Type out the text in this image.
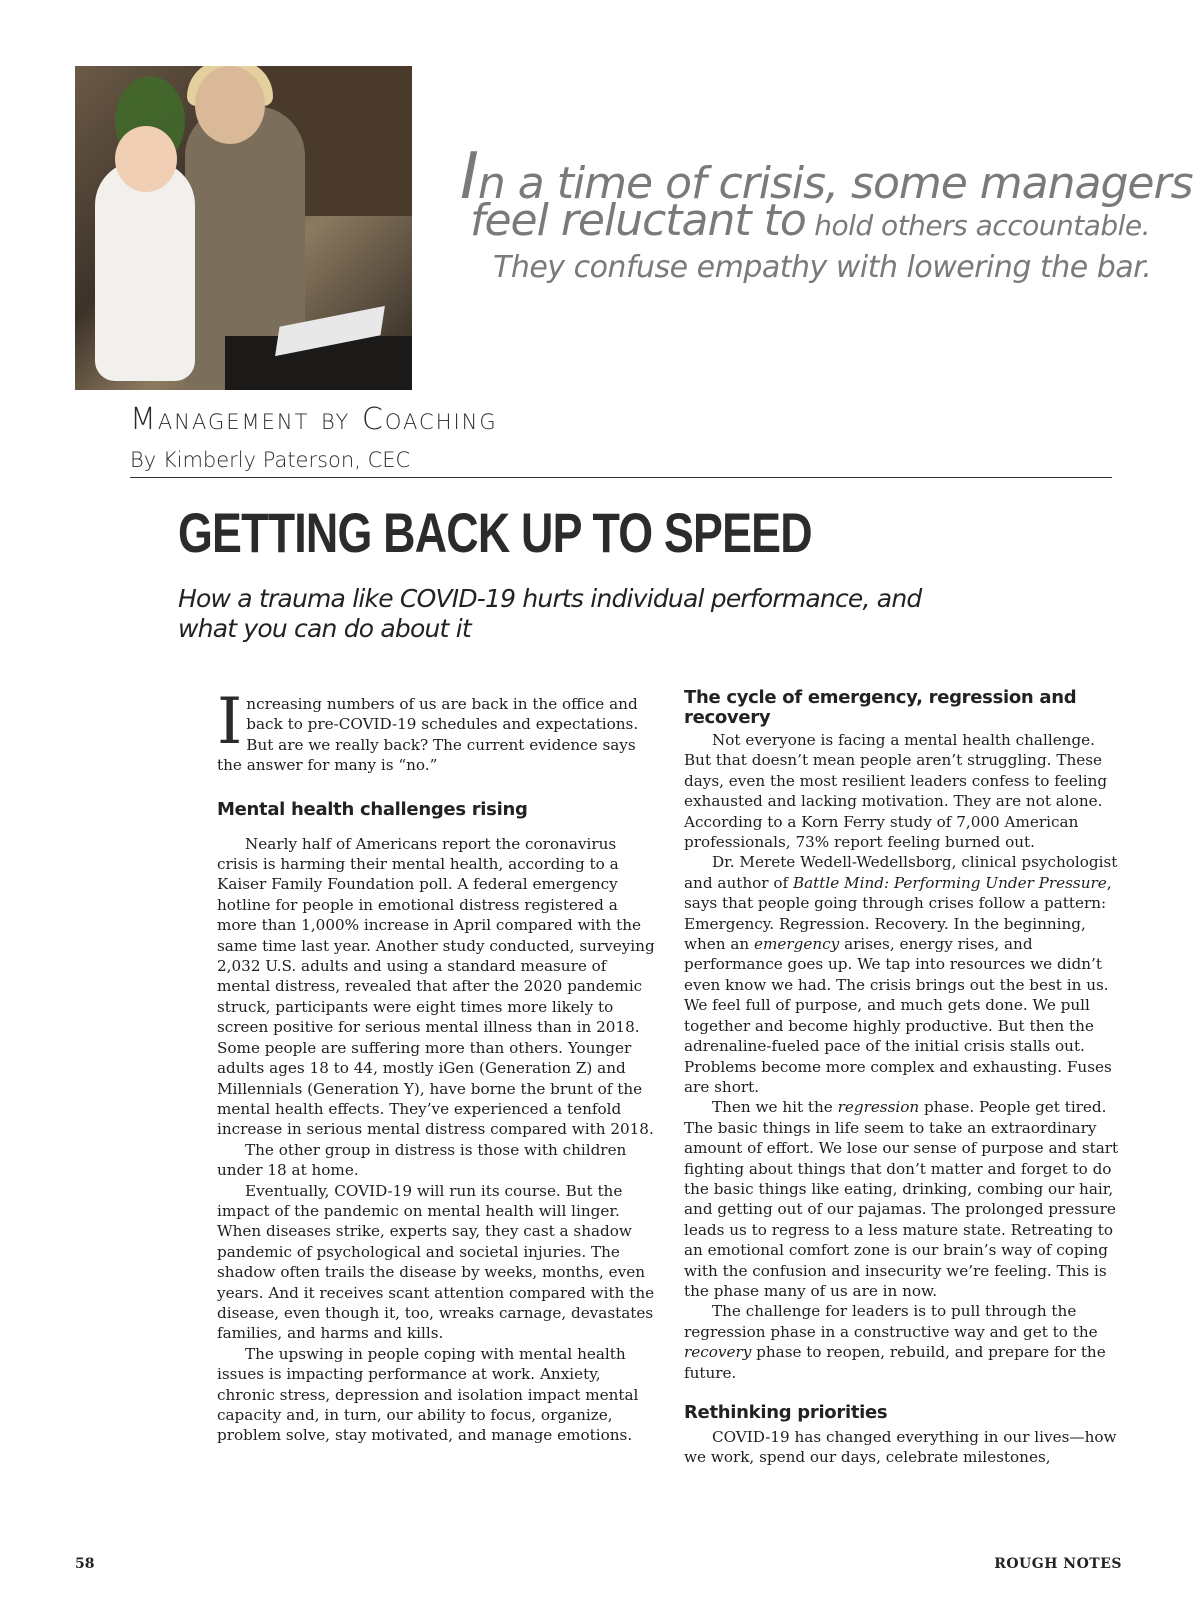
In a time of crisis, some managers
feel reluctant to hold others accountable.
They confuse empathy with lowering the bar.
Management by Coaching
By Kimberly Paterson, CEC
GETTING BACK UP TO SPEED
How a trauma like COVID-19 hurts individual performance, and what you can do about it

Increasing numbers of us are back in the office and back to pre-COVID-19 schedules and expectations. But are we really back? The current evidence says the answer for many is “no.”

Mental health challenges rising

Nearly half of Americans report the coronavirus crisis is harming their mental health, according to a Kaiser Family Foundation poll. A federal emergency hotline for people in emotional distress registered a more than 1,000% increase in April compared with the same time last year. Another study conducted, surveying 2,032 U.S. adults and using a standard measure of mental distress, revealed that after the 2020 pandemic struck, participants were eight times more likely to screen positive for serious mental illness than in 2018. Some people are suffering more than others. Younger adults ages 18 to 44, mostly iGen (Generation Z) and Millennials (Generation Y), have borne the brunt of the mental health effects. They’ve experienced a tenfold increase in serious mental distress compared with 2018.

The other group in distress is those with children under 18 at home.

Eventually, COVID-19 will run its course. But the impact of the pandemic on mental health will linger. When diseases strike, experts say, they cast a shadow pandemic of psychological and societal injuries. The shadow often trails the disease by weeks, months, even years. And it receives scant attention compared with the disease, even though it, too, wreaks carnage, devastates families, and harms and kills.

The upswing in people coping with mental health issues is impacting performance at work. Anxiety, chronic stress, depression and isolation impact mental capacity and, in turn, our ability to focus, organize, problem solve, stay motivated, and manage emotions.

The cycle of emergency, regression and recovery

Not everyone is facing a mental health challenge. But that doesn’t mean people aren’t struggling. These days, even the most resilient leaders confess to feeling exhausted and lacking motivation. They are not alone. According to a Korn Ferry study of 7,000 American professionals, 73% report feeling burned out.

Dr. Merete Wedell-Wedellsborg, clinical psychologist and author of Battle Mind: Performing Under Pressure, says that people going through crises follow a pattern: Emergency. Regression. Recovery. In the beginning, when an emergency arises, energy rises, and performance goes up. We tap into resources we didn’t even know we had. The crisis brings out the best in us. We feel full of purpose, and much gets done. We pull together and become highly productive. But then the adrenaline-fueled pace of the initial crisis stalls out. Problems become more complex and exhausting. Fuses are short.

Then we hit the regression phase. People get tired. The basic things in life seem to take an extraordinary amount of effort. We lose our sense of purpose and start fighting about things that don’t matter and forget to do the basic things like eating, drinking, combing our hair, and getting out of our pajamas. The prolonged pressure leads us to regress to a less mature state. Retreating to an emotional comfort zone is our brain’s way of coping with the confusion and insecurity we’re feeling. This is the phase many of us are in now.

The challenge for leaders is to pull through the regression phase in a constructive way and get to the recovery phase to reopen, rebuild, and prepare for the future.

Rethinking priorities

COVID-19 has changed everything in our lives—how we work, spend our days, celebrate milestones,

58	ROUGH NOTES
